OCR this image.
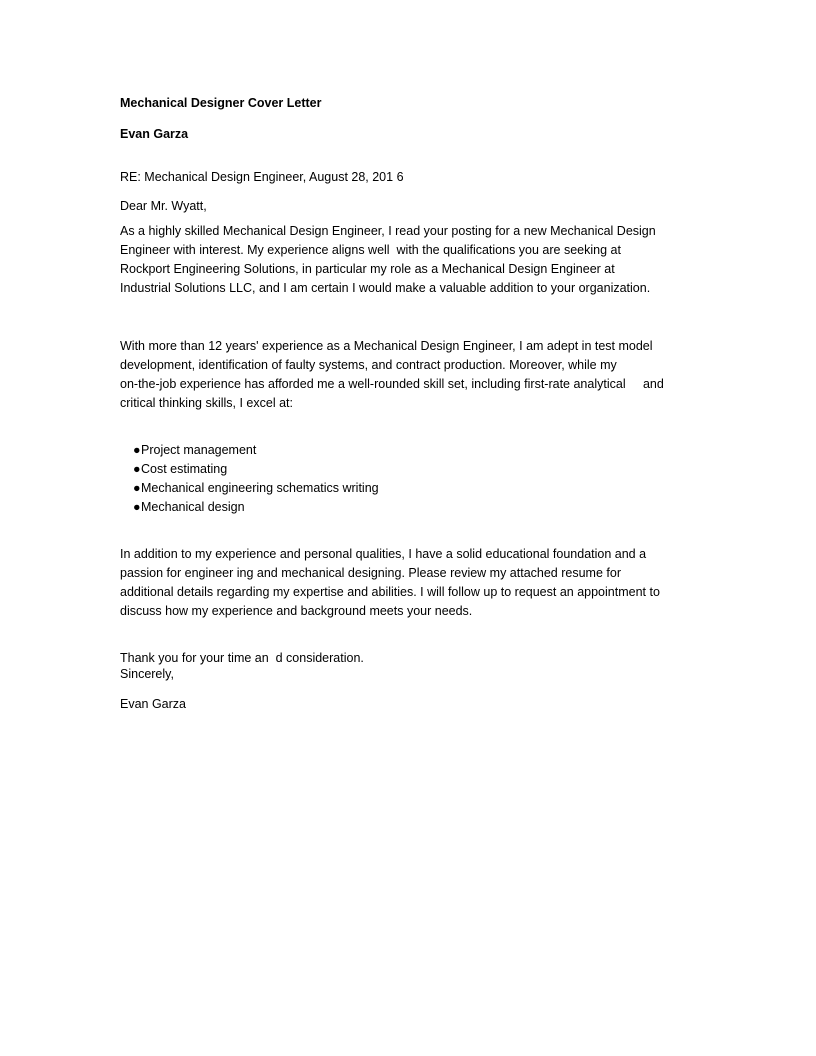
Mechanical Designer Cover Letter
Evan Garza
RE: Mechanical Design Engineer, August 28, 201 6
Dear Mr. Wyatt,
As a highly skilled Mechanical Design Engineer, I read your posting for a new Mechanical Design
Engineer with interest. My experience aligns well  with the qualifications you are seeking at
Rockport Engineering Solutions, in particular my role as a Mechanical Design Engineer at
Industrial Solutions LLC, and I am certain I would make a valuable addition to your organization.
With more than 12 years' experience as a Mechanical Design Engineer, I am adept in test model
development, identification of faulty systems, and contract production. Moreover, while my
on-the-job experience has afforded me a well-rounded skill set, including first-rate analytical     and
critical thinking skills, I excel at:
●Project management
●Cost estimating
●Mechanical engineering schematics writing
●Mechanical design
In addition to my experience and personal qualities, I have a solid educational foundation and a
passion for engineer ing and mechanical designing. Please review my attached resume for
additional details regarding my expertise and abilities. I will follow up to request an appointment to
discuss how my experience and background meets your needs.
Thank you for your time an  d consideration.
Sincerely,
Evan Garza
